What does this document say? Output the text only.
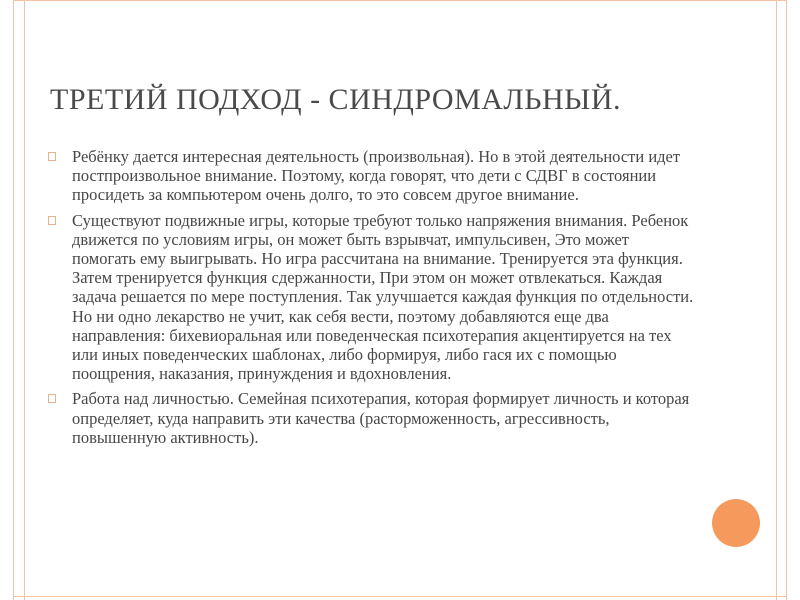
ТРЕТИЙ ПОДХОД - СИНДРОМАЛЬНЫЙ.
Ребёнку дается интересная деятельность (произвольная). Но в этой деятельности идет постпроизвольное внимание. Поэтому, когда говорят, что дети с СДВГ в состоянии просидеть за компьютером очень долго, то это совсем другое внимание.
Существуют подвижные игры, которые требуют только напряжения внимания. Ребенок движется по условиям игры, он может быть взрывчат, импульсивен, Это может помогать ему выигрывать. Но игра рассчитана на внимание. Тренируется эта функция. Затем тренируется функция сдержанности, При этом он может отвлекаться. Каждая задача решается по мере поступления. Так улучшается каждая функция по отдельности. Но ни одно лекарство не учит, как себя вести, поэтому добавляются еще два направления: бихевиоральная или поведенческая психотерапия акцентируется на тех или иных поведенческих шаблонах, либо формируя, либо гася их с помощью поощрения, наказания, принуждения и вдохновления.
Работа над личностью. Семейная психотерапия, которая формирует личность и которая определяет, куда направить эти качества (расторможенность, агрессивность, повышенную активность).
